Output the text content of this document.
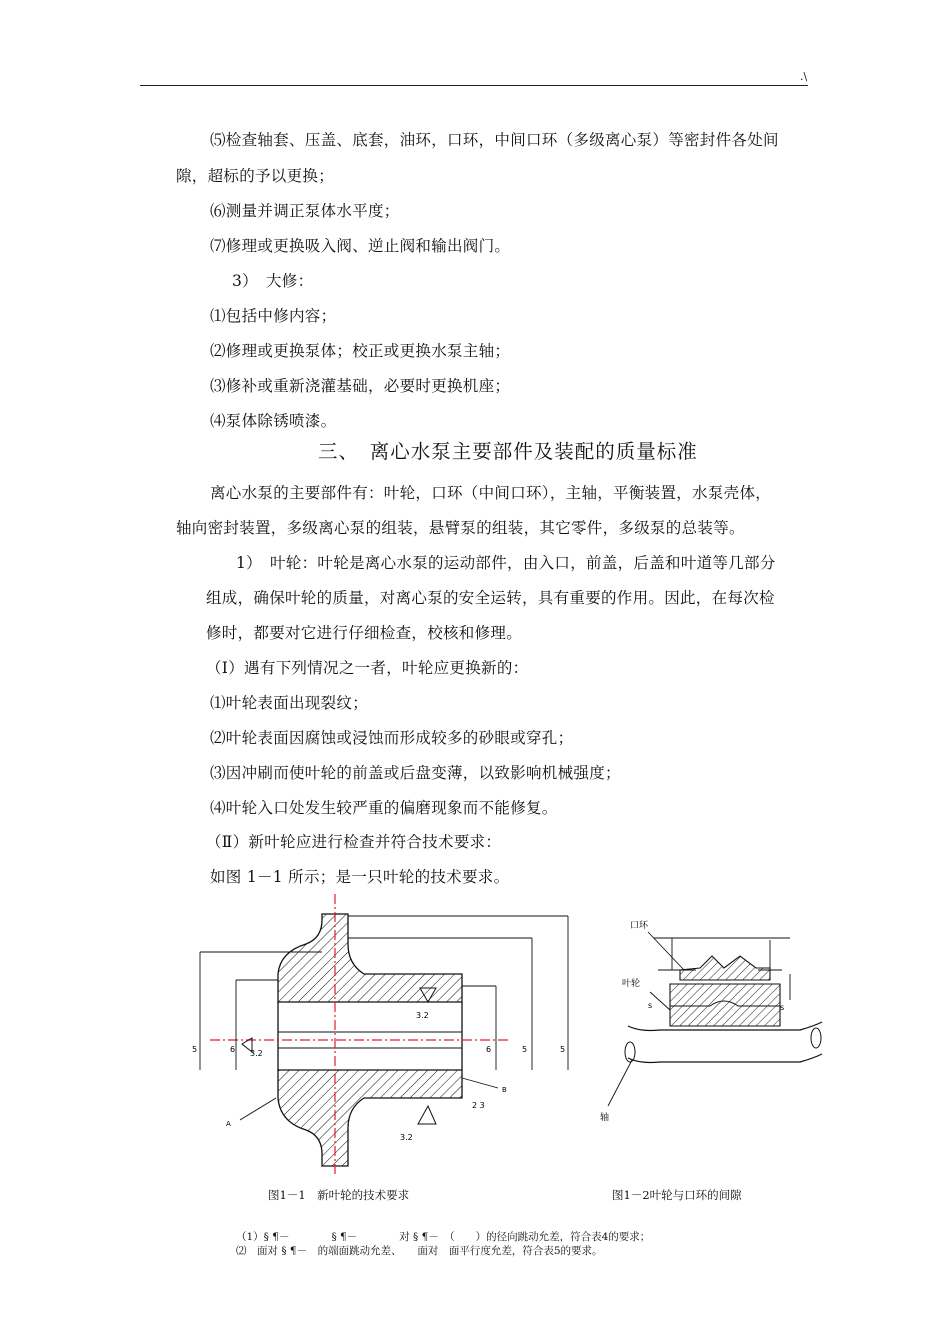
.\
⑸检查轴套、压盖、底套，油环，口环，中间口环（多级离心泵）等密封件各处间
隙，超标的予以更换；
⑹测量并调正泵体水平度；
⑺修理或更换吸入阀、逆止阀和输出阀门。
3）　大修：
⑴包括中修内容；
⑵修理或更换泵体；校正或更换水泵主轴；
⑶修补或重新浇灌基础，必要时更换机座；
⑷泵体除锈喷漆。
三、　离心水泵主要部件及装配的质量标准
离心水泵的主要部件有：叶轮，口环（中间口环），主轴，平衡装置，水泵壳体，
轴向密封装置，多级离心泵的组装，悬臂泵的组装，其它零件，多级泵的总装等。
1）　叶轮：叶轮是离心水泵的运动部件，由入口，前盖，后盖和叶道等几部分
组成，确保叶轮的质量，对离心泵的安全运转，具有重要的作用。因此，在每次检
修时，都要对它进行仔细检查，校核和修理。
（Ⅰ）遇有下列情况之一者，叶轮应更换新的：
⑴叶轮表面出现裂纹；
⑵叶轮表面因腐蚀或浸蚀而形成较多的砂眼或穿孔；
⑶因冲刷而使叶轮的前盖或后盘变薄，以致影响机械强度；
⑷叶轮入口处发生较严重的偏磨现象而不能修复。
（Ⅱ）新叶轮应进行检查并符合技术要求：
如图 1－1 所示；是一只叶轮的技术要求。
3.2
3.2
3.2
A
B
2 3
5	6	6	5	5
口环
叶轮
s	s
轴
图1－1　新叶轮的技术要求	图1－2叶轮与口环的间隙
（1）§ ¶－　　　　§ ¶－　　　　对 § ¶－　（　　）的径向跳动允差，符合表4的要求；
⑵　面对 § ¶－　的端面跳动允差、　　面对　面平行度允差，符合表5的要求。
